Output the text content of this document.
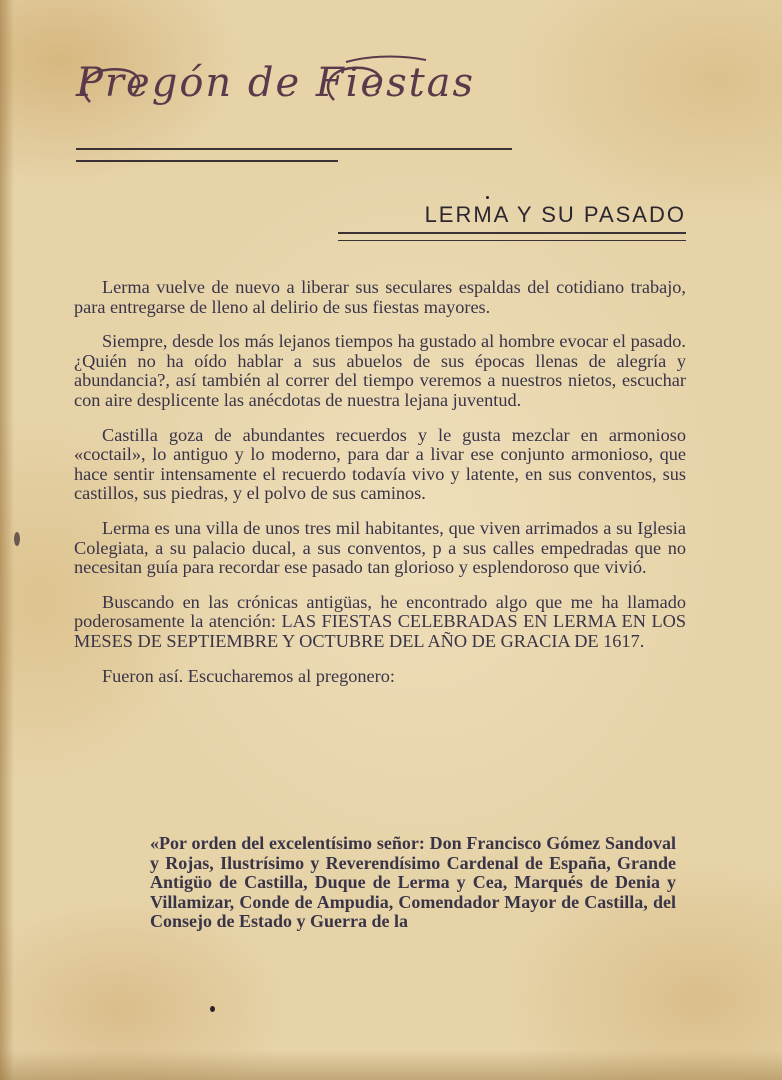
Pregón de Fiestas
LERMA Y SU PASADO

Lerma vuelve de nuevo a liberar sus seculares espaldas del cotidiano trabajo, para entregarse de lleno al delirio de sus fiestas mayores.

Siempre, desde los más lejanos tiempos ha gustado al hombre evocar el pasado. ¿Quién no ha oído hablar a sus abuelos de sus épocas llenas de alegría y abundancia?, así también al correr del tiempo veremos a nuestros nietos, escuchar con aire desplicente las anécdotas de nuestra lejana juventud.

Castilla goza de abundantes recuerdos y le gusta mezclar en armonioso «coctail», lo antiguo y lo moderno, para dar a livar ese conjunto armonioso, que hace sentir intensamente el recuerdo todavía vivo y latente, en sus conventos, sus castillos, sus piedras, y el polvo de sus caminos.

Lerma es una villa de unos tres mil habitantes, que viven arrimados a su Iglesia Colegiata, a su palacio ducal, a sus conventos, p a sus calles empedradas que no necesitan guía para recordar ese pasado tan glorioso y esplendoroso que vivió.

Buscando en las crónicas antigüas, he encontrado algo que me ha llamado poderosamente la atención: LAS FIESTAS CELEBRADAS EN LERMA EN LOS MESES DE SEPTIEMBRE Y OCTUBRE DEL AÑO DE GRACIA DE 1617.

Fueron así. Escucharemos al pregonero:

«Por orden del excelentísimo señor: Don Francisco Gómez Sandoval y Rojas, Ilustrísimo y Reverendísimo Cardenal de España, Grande Antigüo de Castilla, Duque de Lerma y Cea, Marqués de Denia y Villamizar, Conde de Ampudia, Comendador Mayor de Castilla, del Consejo de Estado y Guerra de la
